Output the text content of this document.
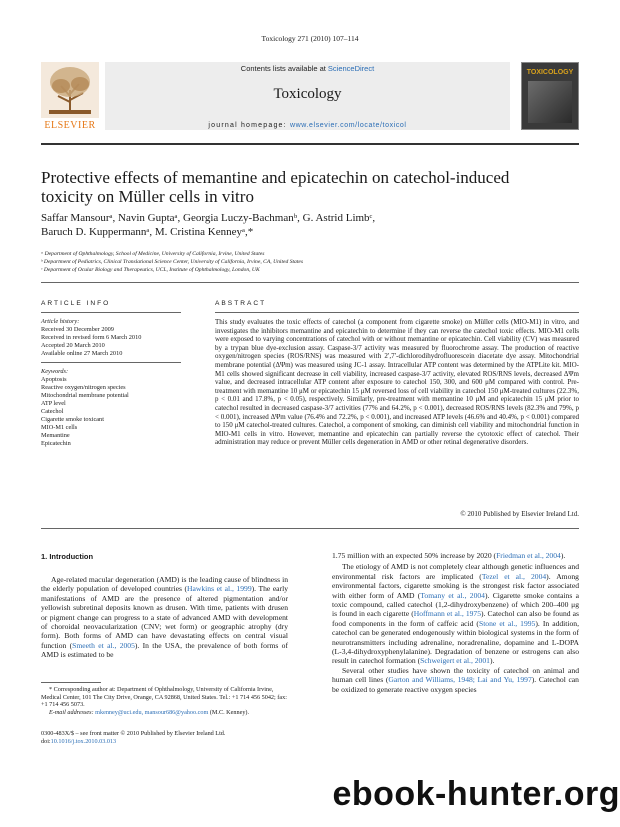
Toxicology 271 (2010) 107–114
ELSEVIER
Contents lists available at ScienceDirect
Toxicology
journal homepage: www.elsevier.com/locate/toxicol
TOXICOLOGY
Protective effects of memantine and epicatechin on catechol-induced
toxicity on Müller cells in vitro
Saffar Mansourᵃ, Navin Guptaᵃ, Georgia Luczy-Bachmanᵇ, G. Astrid Limbᶜ,
Baruch D. Kuppermannᵃ, M. Cristina Kenneyᵃ,*
ᵃ Department of Ophthalmology, School of Medicine, University of California, Irvine, United States
ᵇ Department of Pediatrics, Clinical Translational Science Center, University of California, Irvine, CA, United States
ᶜ Department of Ocular Biology and Therapeutics, UCL, Institute of Ophthalmology, London, UK
ARTICLE INFO	ABSTRACT
Article history:
Received 30 December 2009
Received in revised form 6 March 2010
Accepted 20 March 2010
Available online 27 March 2010
Keywords:
Apoptosis
Reactive oxygen/nitrogen species
Mitochondrial membrane potential
ATP level
Catechol
Cigarette smoke toxicant
MIO-M1 cells
Memantine
Epicatechin
This study evaluates the toxic effects of catechol (a component from cigarette smoke) on Müller cells (MIO-M1) in vitro, and investigates the inhibitors memantine and epicatechin to determine if they can reverse the catechol toxic effects. MIO-M1 cells were exposed to varying concentrations of catechol with or without memantine or epicatechin. Cell viability (CV) was measured by a trypan blue dye-exclusion assay. Caspase-3/7 activity was measured by fluorochrome assay. The production of reactive oxygen/nitrogen species (ROS/RNS) was measured with 2′,7′-dichlorodihydrofluorescein diacetate dye assay. Mitochondrial membrane potential (ΔΨm) was measured using JC-1 assay. Intracellular ATP content was determined by the ATPLite kit. MIO-M1 cells showed significant decrease in cell viability, increased caspase-3/7 activity, elevated ROS/RNS levels, decreased ΔΨm value, and decreased intracellular ATP content after exposure to catechol 150, 300, and 600 μM compared with control. Pre-treatment with memantine 10 μM or epicatechin 15 μM reversed loss of cell viability in catechol 150 μM-treated cultures (22.3%, p < 0.01 and 17.8%, p < 0.05), respectively. Similarly, pre-treatment with memantine 10 μM and epicatechin 15 μM prior to catechol resulted in decreased caspase-3/7 activities (77% and 64.2%, p < 0.001), decreased ROS/RNS levels (82.3% and 79%, p < 0.001), increased ΔΨm value (76.4% and 72.2%, p < 0.001), and increased ATP levels (46.6% and 40.4%, p < 0.001) compared to 150 μM catechol-treated cultures. Catechol, a component of smoking, can diminish cell viability and mitochondrial function in MIO-M1 cells in vitro. However, memantine and epicatechin can partially reverse the cytotoxic effect of catechol. Their administration may reduce or prevent Müller cells degeneration in AMD or other retinal degenerative disorders.
© 2010 Published by Elsevier Ireland Ltd.
1. Introduction

Age-related macular degeneration (AMD) is the leading cause of blindness in the elderly population of developed countries (Hawkins et al., 1999). The early manifestations of AMD are the presence of altered pigmentation and/or yellowish subretinal deposits known as drusen. With time, patients with drusen or pigment change can progress to a state of advanced AMD with development of choroidal neovacularization (CNV; wet form) or geographic atrophy (dry form). Both forms of AMD can have devastating effects on central visual function (Smeeth et al., 2005). In the USA, the prevalence of both forms of AMD is estimated to be

1.75 million with an expected 50% increase by 2020 (Friedman et al., 2004).

The etiology of AMD is not completely clear although genetic influences and environmental risk factors are implicated (Tezel et al., 2004). Among environmental factors, cigarette smoking is the strongest risk factor associated with either form of AMD (Tomany et al., 2004). Cigarette smoke contains a toxic compound, called catechol (1,2-dihydroxybenzene) of which 200–400 μg is found in each cigarette (Hoffmann et al., 1975). Catechol can also be found as food components in the form of caffeic acid (Stone et al., 1995). In addition, catechol can be generated endogenously within biological systems in the form of neurotransmitters including adrenaline, noradrenaline, dopamine and L-DOPA (L-3,4-dihydroxyphenylalanine). Degradation of benzene or estrogens can also result in catechol formation (Schweigert et al., 2001).

Several other studies have shown the toxicity of catechol on animal and human cell lines (Garton and Williams, 1948; Lai and Yu, 1997). Catechol can be oxidized to generate reactive oxygen species

* Corresponding author at: Department of Ophthalmology, University of California Irvine, Medical Center, 101 The City Drive, Orange, CA 92868, United States. Tel.: +1 714 456 5042; fax: +1 714 456 5073.
E-mail addresses: mkenney@uci.edu, mansour686@yahoo.com (M.C. Kenney).
0300-483X/$ – see front matter © 2010 Published by Elsevier Ireland Ltd.
doi:10.1016/j.tox.2010.03.013
ebook-hunter.org
